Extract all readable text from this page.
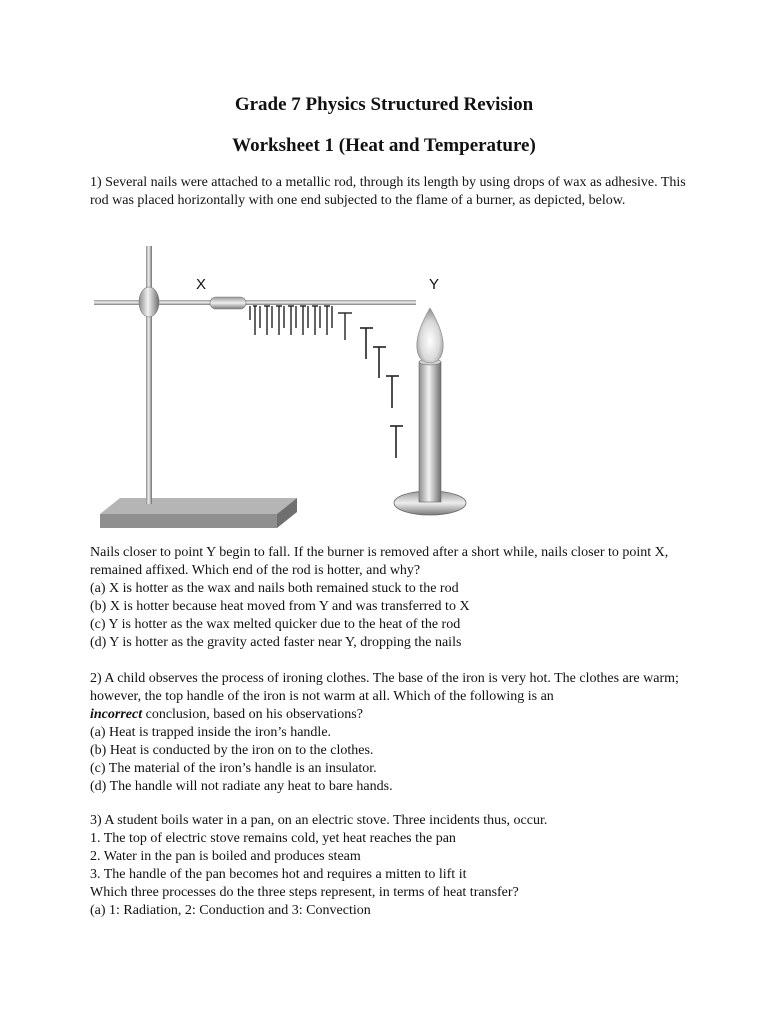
Grade 7 Physics Structured Revision
Worksheet 1 (Heat and Temperature)

1) Several nails were attached to a metallic rod, through its length by using drops of wax as adhesive. This rod was placed horizontally with one end subjected to the flame of a burner, as depicted, below.

X	Y

Nails closer to point Y begin to fall. If the burner is removed after a short while, nails closer to point X, remained affixed. Which end of the rod is hotter, and why?

(a) X is hotter as the wax and nails both remained stuck to the rod

(b) X is hotter because heat moved from Y and was transferred to X

(c) Y is hotter as the wax melted quicker due to the heat of the rod

(d) Y is hotter as the gravity acted faster near Y, dropping the nails

2) A child observes the process of ironing clothes. The base of the iron is very hot. The clothes are warm; however, the top handle of the iron is not warm at all. Which of the following is an
incorrect conclusion, based on his observations?

(a) Heat is trapped inside the iron’s handle.

(b) Heat is conducted by the iron on to the clothes.

(c) The material of the iron’s handle is an insulator.

(d) The handle will not radiate any heat to bare hands.

3) A student boils water in a pan, on an electric stove. Three incidents thus, occur.

1. The top of electric stove remains cold, yet heat reaches the pan

2. Water in the pan is boiled and produces steam

3. The handle of the pan becomes hot and requires a mitten to lift it

Which three processes do the three steps represent, in terms of heat transfer?

(a) 1: Radiation, 2: Conduction and 3: Convection
